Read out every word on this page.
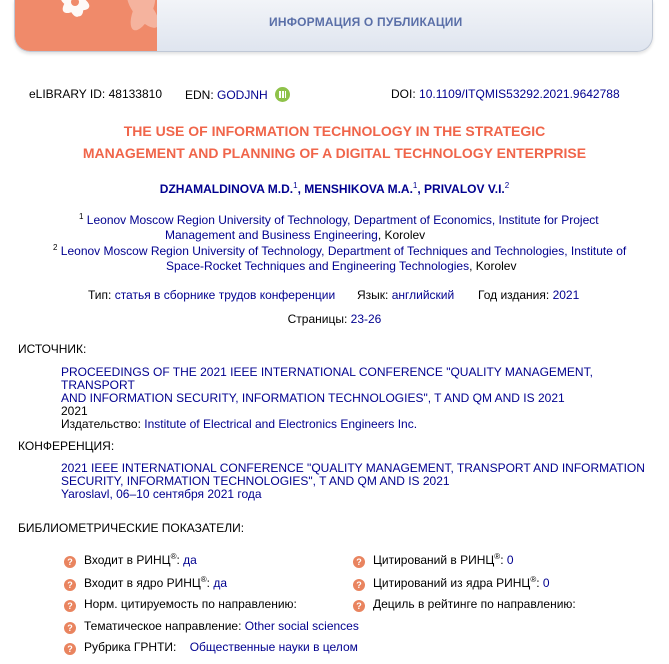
ИНФОРМАЦИЯ О ПУБЛИКАЦИИ
eLIBRARY ID: 48133810 EDN: GODJNH	DOI: 10.1109/ITQMIS53292.2021.9642788
THE USE OF INFORMATION TECHNOLOGY IN THE STRATEGIC
MANAGEMENT AND PLANNING OF A DIGITAL TECHNOLOGY ENTERPRISE
DZHAMALDINOVA M.D.$^1$, MENSHIKOVA M.A.$^1$, PRIVALOV V.I.$^2$
$^1$ Leonov Moscow Region University of Technology, Department of Economics, Institute for Project
Management and Business Engineering, Korolev
$^2$ Leonov Moscow Region University of Technology, Department of Techniques and Technologies, Institute of
Space-Rocket Techniques and Engineering Technologies, Korolev
Тип: статья в сборнике трудов конференции Язык: английский Год издания: 2021
Страницы: 23-26
ИСТОЧНИК:
PROCEEDINGS OF THE 2021 IEEE INTERNATIONAL CONFERENCE "QUALITY MANAGEMENT, TRANSPORT
AND INFORMATION SECURITY, INFORMATION TECHNOLOGIES", T AND QM AND IS 2021
2021
Издательство: Institute of Electrical and Electronics Engineers Inc.
КОНФЕРЕНЦИЯ:
2021 IEEE INTERNATIONAL CONFERENCE "QUALITY MANAGEMENT, TRANSPORT AND INFORMATION
SECURITY, INFORMATION TECHNOLOGIES", T AND QM AND IS 2021
Yaroslavl, 06–10 сентября 2021 года
БИБЛИОМЕТРИЧЕСКИЕ ПОКАЗАТЕЛИ:
? Входит в РИНЦ®: да
? Входит в ядро РИНЦ®: да
? Норм. цитируемость по направлению:
? Тематическое направление: Other social sciences
? Рубрика ГРНТИ: Общественные науки в целом
? Цитирований в РИНЦ®: 0
? Цитирований из ядра РИНЦ®: 0
? Дециль в рейтинге по направлению:
